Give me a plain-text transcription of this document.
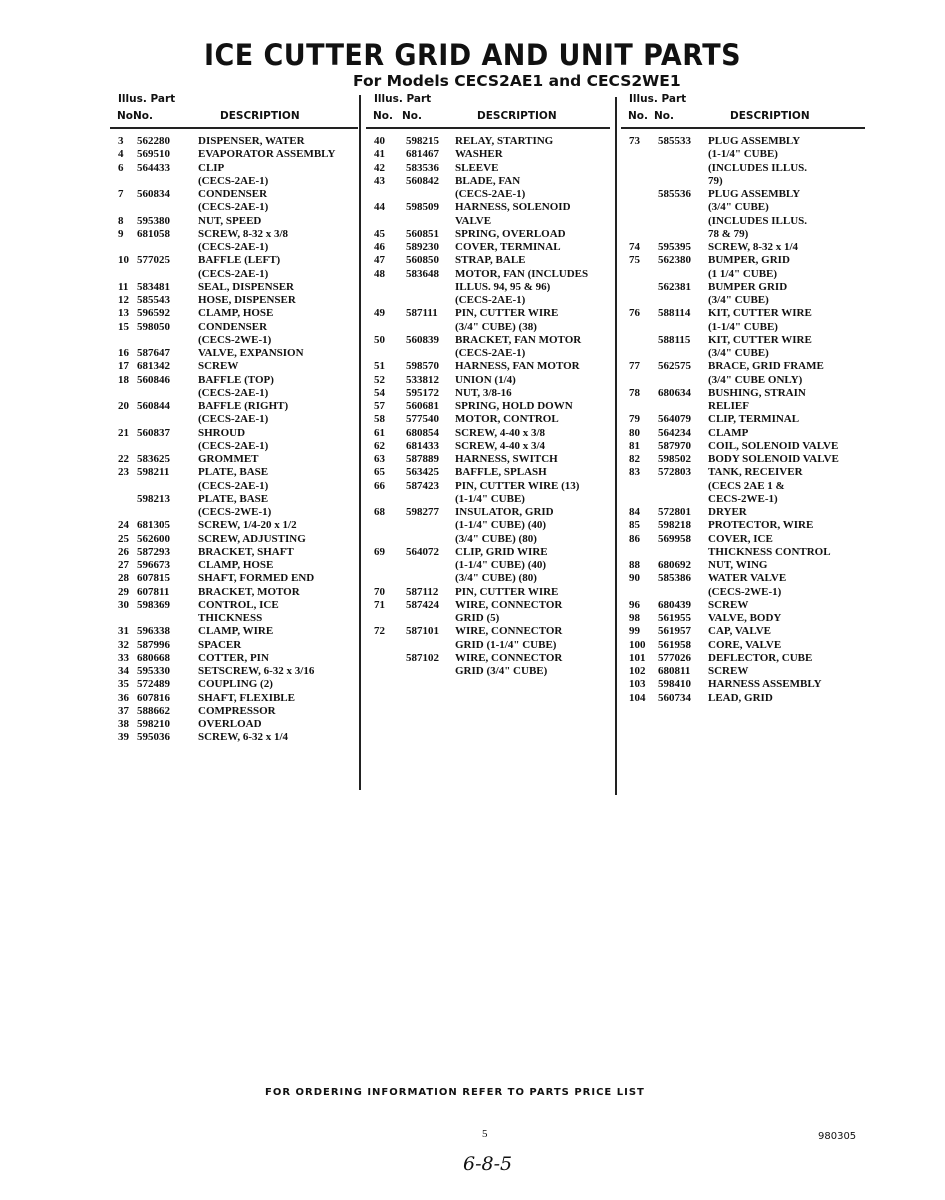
ICE CUTTER GRID AND UNIT PARTS
For Models CECS2AE1 and CECS2WE1
Illus. Part
No.
No.	DESCRIPTION
3 562280	DISPENSER, WATER
4 569510	EVAPORATOR ASSEMBLY
6 564433	CLIP
(CECS-2AE-1)
7 560834	CONDENSER
(CECS-2AE-1)
8 595380	NUT, SPEED
9 681058	SCREW, 8-32 x 3/8
(CECS-2AE-1)
10 577025	BAFFLE (LEFT)
(CECS-2AE-1)
11 583481	SEAL, DISPENSER
12 585543	HOSE, DISPENSER
13 596592	CLAMP, HOSE
15 598050	CONDENSER
(CECS-2WE-1)
16 587647	VALVE, EXPANSION
17 681342	SCREW
18 560846	BAFFLE (TOP)
(CECS-2AE-1)
20 560844	BAFFLE (RIGHT)
(CECS-2AE-1)
21 560837	SHROUD
(CECS-2AE-1)
22 583625	GROMMET
23 598211	PLATE, BASE
(CECS-2AE-1)
598213	PLATE, BASE
(CECS-2WE-1)
24 681305	SCREW, 1/4-20 x 1/2
25 562600	SCREW, ADJUSTING
26 587293	BRACKET, SHAFT
27 596673	CLAMP, HOSE
28 607815	SHAFT, FORMED END
29 607811	BRACKET, MOTOR
30 598369	CONTROL, ICE
THICKNESS
31 596338	CLAMP, WIRE
32 587996	SPACER
33 680668	COTTER, PIN
34 595330	SETSCREW, 6-32 x 3/16
35 572489	COUPLING (2)
36 607816	SHAFT, FLEXIBLE
37 588662	COMPRESSOR
38 598210	OVERLOAD
39 595036	SCREW, 6-32 x 1/4
Illus. Part
No. No.	DESCRIPTION
40 598215 RELAY, STARTING
41 681467 WASHER
42 583536 SLEEVE
43 560842 BLADE, FAN
(CECS-2AE-1)
44 598509 HARNESS, SOLENOID
VALVE
45 560851 SPRING, OVERLOAD
46 589230 COVER, TERMINAL
47 560850 STRAP, BALE
48 583648 MOTOR, FAN (INCLUDES
ILLUS. 94, 95 & 96)
(CECS-2AE-1)
49 587111 PIN, CUTTER WIRE
(3/4" CUBE) (38)
50 560839 BRACKET, FAN MOTOR
(CECS-2AE-1)
51 598570 HARNESS, FAN MOTOR
52 533812 UNION (1/4)
54 595172 NUT, 3/8-16
57 560681 SPRING, HOLD DOWN
58 577540 MOTOR, CONTROL
61 680854 SCREW, 4-40 x 3/8
62 681433 SCREW, 4-40 x 3/4
63 587889 HARNESS, SWITCH
65 563425 BAFFLE, SPLASH
66 587423 PIN, CUTTER WIRE (13)
(1-1/4" CUBE)
68 598277 INSULATOR, GRID
(1-1/4" CUBE) (40)
(3/4" CUBE) (80)
69 564072 CLIP, GRID WIRE
(1-1/4" CUBE) (40)
(3/4" CUBE) (80)
70 587112 PIN, CUTTER WIRE
71 587424 WIRE, CONNECTOR
GRID (5)
72 587101 WIRE, CONNECTOR
GRID (1-1/4" CUBE)
587102 WIRE, CONNECTOR
GRID (3/4" CUBE)
Illus. Part
No. No.	DESCRIPTION
73 585533 PLUG ASSEMBLY
(1-1/4" CUBE)
(INCLUDES ILLUS.
79)
585536 PLUG ASSEMBLY
(3/4" CUBE)
(INCLUDES ILLUS.
78 & 79)
74 595395 SCREW, 8-32 x 1/4
75 562380 BUMPER, GRID
(1 1/4" CUBE)
562381 BUMPER GRID
(3/4" CUBE)
76 588114 KIT, CUTTER WIRE
(1-1/4" CUBE)
588115 KIT, CUTTER WIRE
(3/4" CUBE)
77 562575 BRACE, GRID FRAME
(3/4" CUBE ONLY)
78 680634 BUSHING, STRAIN
RELIEF
79 564079 CLIP, TERMINAL
80 564234 CLAMP
81 587970 COIL, SOLENOID VALVE
82 598502 BODY SOLENOID VALVE
83 572803 TANK, RECEIVER
(CECS 2AE 1 &
CECS-2WE-1)
84 572801 DRYER
85 598218 PROTECTOR, WIRE
86 569958 COVER, ICE
THICKNESS CONTROL
88 680692 NUT, WING
90 585386 WATER VALVE
(CECS-2WE-1)
96 680439 SCREW
98 561955 VALVE, BODY
99 561957 CAP, VALVE
100 561958 CORE, VALVE
101 577026 DEFLECTOR, CUBE
102 680811 SCREW
103 598410 HARNESS ASSEMBLY
104 560734 LEAD, GRID
FOR ORDERING INFORMATION REFER TO PARTS PRICE LIST
5	980305
6-8-5
